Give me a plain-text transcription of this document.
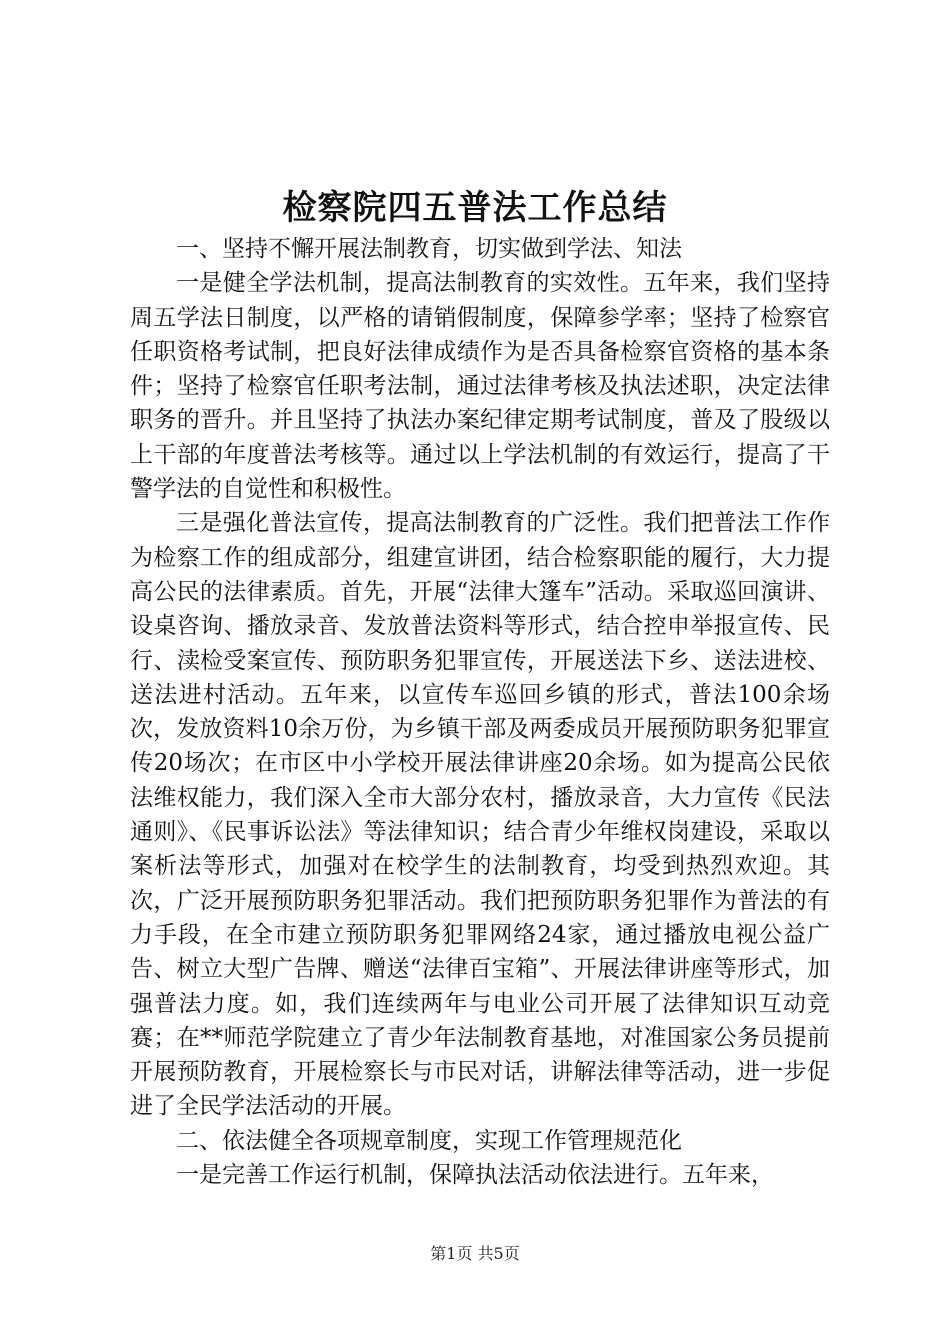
检察院四五普法工作总结

一、坚持不懈开展法制教育，切实做到学法、知法

一是健全学法机制，提高法制教育的实效性。五年来，我们坚持周五学法日制度，以严格的请销假制度，保障参学率；坚持了检察官任职资格考试制，把良好法律成绩作为是否具备检察官资格的基本条件；坚持了检察官任职考法制，通过法律考核及执法述职，决定法律职务的晋升。并且坚持了执法办案纪律定期考试制度，普及了股级以上干部的年度普法考核等。通过以上学法机制的有效运行，提高了干警学法的自觉性和积极性。

三是强化普法宣传，提高法制教育的广泛性。我们把普法工作作为检察工作的组成部分，组建宣讲团，结合检察职能的履行，大力提高公民的法律素质。首先，开展“法律大篷车”活动。采取巡回演讲、设桌咨询、播放录音、发放普法资料等形式，结合控申举报宣传、民行、渎检受案宣传、预防职务犯罪宣传，开展送法下乡、送法进校、送法进村活动。五年来，以宣传车巡回乡镇的形式，普法100余场次，发放资料10余万份，为乡镇干部及两委成员开展预防职务犯罪宣传20场次；在市区中小学校开展法律讲座20余场。如为提高公民依法维权能力，我们深入全市大部分农村，播放录音，大力宣传《民法通则》、《民事诉讼法》等法律知识；结合青少年维权岗建设，采取以案析法等形式，加强对在校学生的法制教育，均受到热烈欢迎。其次，广泛开展预防职务犯罪活动。我们把预防职务犯罪作为普法的有力手段，在全市建立预防职务犯罪网络24家，通过播放电视公益广告、树立大型广告牌、赠送“法律百宝箱”、开展法律讲座等形式，加强普法力度。如，我们连续两年与电业公司开展了法律知识互动竞赛；在**师范学院建立了青少年法制教育基地，对准国家公务员提前开展预防教育，开展检察长与市民对话，讲解法律等活动，进一步促进了全民学法活动的开展。

二、依法健全各项规章制度，实现工作管理规范化

一是完善工作运行机制，保障执法活动依法进行。五年来，

第1页 共5页
